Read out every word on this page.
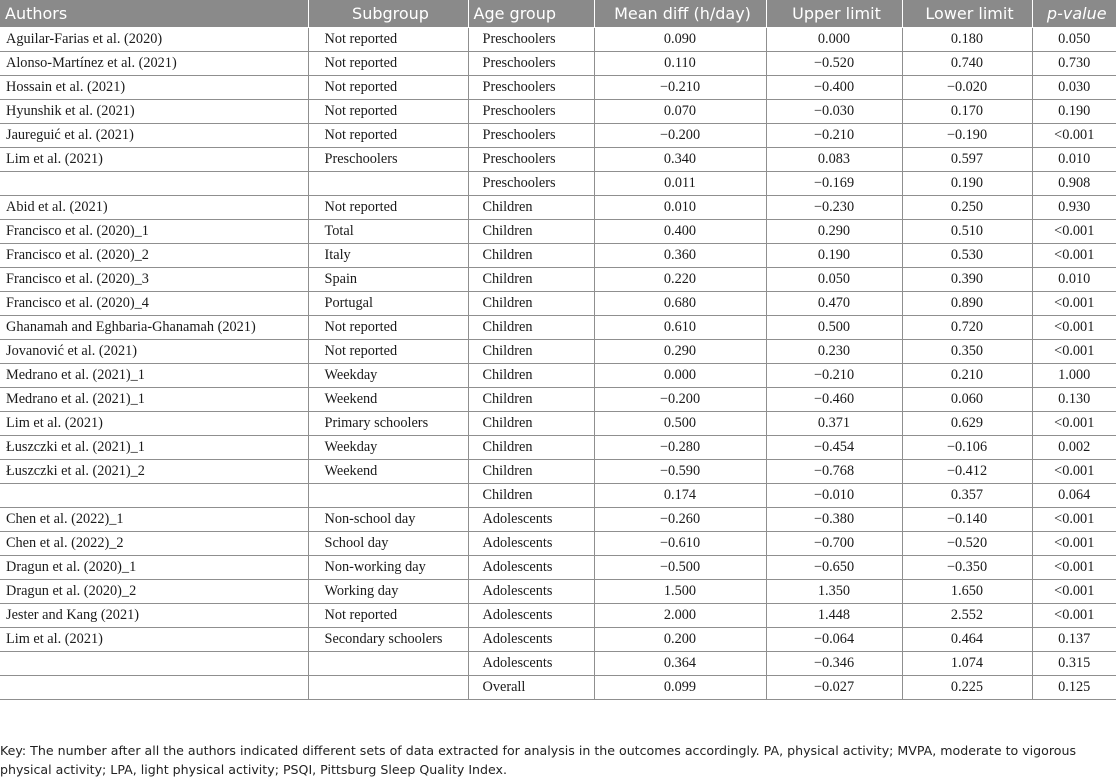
Authors	Subgroup	Age group	Mean diff (h/day)	Upper limit	Lower limit	p-value
Aguilar-Farias et al. (2020)	Not reported	Preschoolers	0.090	0.000	0.180	0.050
Alonso-Martínez et al. (2021)	Not reported	Preschoolers	0.110	−0.520	0.740	0.730
Hossain et al. (2021)	Not reported	Preschoolers	−0.210	−0.400	−0.020	0.030
Hyunshik et al. (2021)	Not reported	Preschoolers	0.070	−0.030	0.170	0.190
Jaureguić et al. (2021)	Not reported	Preschoolers	−0.200	−0.210	−0.190	<0.001
Lim et al. (2021)	Preschoolers	Preschoolers	0.340	0.083	0.597	0.010
		Preschoolers	0.011	−0.169	0.190	0.908
Abid et al. (2021)	Not reported	Children	0.010	−0.230	0.250	0.930
Francisco et al. (2020)_1	Total	Children	0.400	0.290	0.510	<0.001
Francisco et al. (2020)_2	Italy	Children	0.360	0.190	0.530	<0.001
Francisco et al. (2020)_3	Spain	Children	0.220	0.050	0.390	0.010
Francisco et al. (2020)_4	Portugal	Children	0.680	0.470	0.890	<0.001
Ghanamah and Eghbaria-Ghanamah (2021)	Not reported	Children	0.610	0.500	0.720	<0.001
Jovanović et al. (2021)	Not reported	Children	0.290	0.230	0.350	<0.001
Medrano et al. (2021)_1	Weekday	Children	0.000	−0.210	0.210	1.000
Medrano et al. (2021)_1	Weekend	Children	−0.200	−0.460	0.060	0.130
Lim et al. (2021)	Primary schoolers	Children	0.500	0.371	0.629	<0.001
Łuszczki et al. (2021)_1	Weekday	Children	−0.280	−0.454	−0.106	0.002
Łuszczki et al. (2021)_2	Weekend	Children	−0.590	−0.768	−0.412	<0.001
		Children	0.174	−0.010	0.357	0.064
Chen et al. (2022)_1	Non-school day	Adolescents	−0.260	−0.380	−0.140	<0.001
Chen et al. (2022)_2	School day	Adolescents	−0.610	−0.700	−0.520	<0.001
Dragun et al. (2020)_1	Non-working day	Adolescents	−0.500	−0.650	−0.350	<0.001
Dragun et al. (2020)_2	Working day	Adolescents	1.500	1.350	1.650	<0.001
Jester and Kang (2021)	Not reported	Adolescents	2.000	1.448	2.552	<0.001
Lim et al. (2021)	Secondary schoolers	Adolescents	0.200	−0.064	0.464	0.137
		Adolescents	0.364	−0.346	1.074	0.315
		Overall	0.099	−0.027	0.225	0.125
Key: The number after all the authors indicated different sets of data extracted for analysis in the outcomes accordingly. PA, physical activity; MVPA, moderate to vigorous physical activity; LPA, light physical activity; PSQI, Pittsburg Sleep Quality Index.
